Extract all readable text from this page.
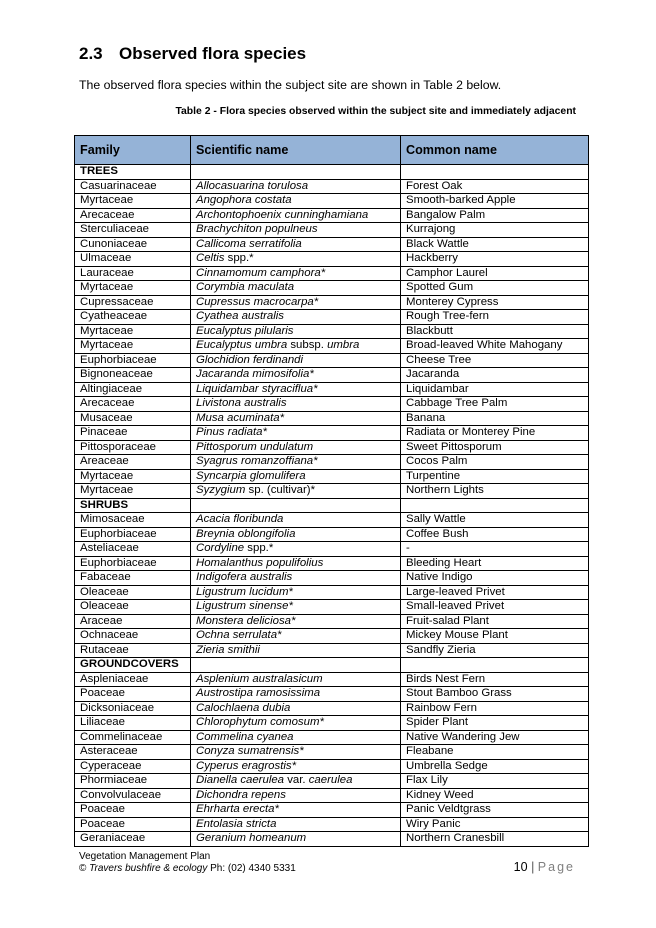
2.3 Observed flora species
The observed flora species within the subject site are shown in Table 2 below.
Table 2 - Flora species observed within the subject site and immediately adjacent
Family	Scientific name	Common name
TREES		
Casuarinaceae	Allocasuarina torulosa	Forest Oak
Myrtaceae	Angophora costata	Smooth-barked Apple
Arecaceae	Archontophoenix cunninghamiana	Bangalow Palm
Sterculiaceae	Brachychiton populneus	Kurrajong
Cunoniaceae	Callicoma serratifolia	Black Wattle
Ulmaceae	Celtis spp.*	Hackberry
Lauraceae	Cinnamomum camphora*	Camphor Laurel
Myrtaceae	Corymbia maculata	Spotted Gum
Cupressaceae	Cupressus macrocarpa*	Monterey Cypress
Cyatheaceae	Cyathea australis	Rough Tree-fern
Myrtaceae	Eucalyptus pilularis	Blackbutt
Myrtaceae	Eucalyptus umbra subsp. umbra	Broad-leaved White Mahogany
Euphorbiaceae	Glochidion ferdinandi	Cheese Tree
Bignoneaceae	Jacaranda mimosifolia*	Jacaranda
Altingiaceae	Liquidambar styraciflua*	Liquidambar
Arecaceae	Livistona australis	Cabbage Tree Palm
Musaceae	Musa acuminata*	Banana
Pinaceae	Pinus radiata*	Radiata or Monterey Pine
Pittosporaceae	Pittosporum undulatum	Sweet Pittosporum
Areaceae	Syagrus romanzoffiana*	Cocos Palm
Myrtaceae	Syncarpia glomulifera	Turpentine
Myrtaceae	Syzygium sp. (cultivar)*	Northern Lights
SHRUBS		
Mimosaceae	Acacia floribunda	Sally Wattle
Euphorbiaceae	Breynia oblongifolia	Coffee Bush
Asteliaceae	Cordyline spp.*	-
Euphorbiaceae	Homalanthus populifolius	Bleeding Heart
Fabaceae	Indigofera australis	Native Indigo
Oleaceae	Ligustrum lucidum*	Large-leaved Privet
Oleaceae	Ligustrum sinense*	Small-leaved Privet
Araceae	Monstera deliciosa*	Fruit-salad Plant
Ochnaceae	Ochna serrulata*	Mickey Mouse Plant
Rutaceae	Zieria smithii	Sandfly Zieria
GROUNDCOVERS		
Aspleniaceae	Asplenium australasicum	Birds Nest Fern
Poaceae	Austrostipa ramosissima	Stout Bamboo Grass
Dicksoniaceae	Calochlaena dubia	Rainbow Fern
Liliaceae	Chlorophytum comosum*	Spider Plant
Commelinaceae	Commelina cyanea	Native Wandering Jew
Asteraceae	Conyza sumatrensis*	Fleabane
Cyperaceae	Cyperus eragrostis*	Umbrella Sedge
Phormiaceae	Dianella caerulea var. caerulea	Flax Lily
Convolvulaceae	Dichondra repens	Kidney Weed
Poaceae	Ehrharta erecta*	Panic Veldtgrass
Poaceae	Entolasia stricta	Wiry Panic
Geraniaceae	Geranium homeanum	Northern Cranesbill
Vegetation Management Plan
© Travers bushfire & ecology Ph: (02) 4340 5331	10 | Page
